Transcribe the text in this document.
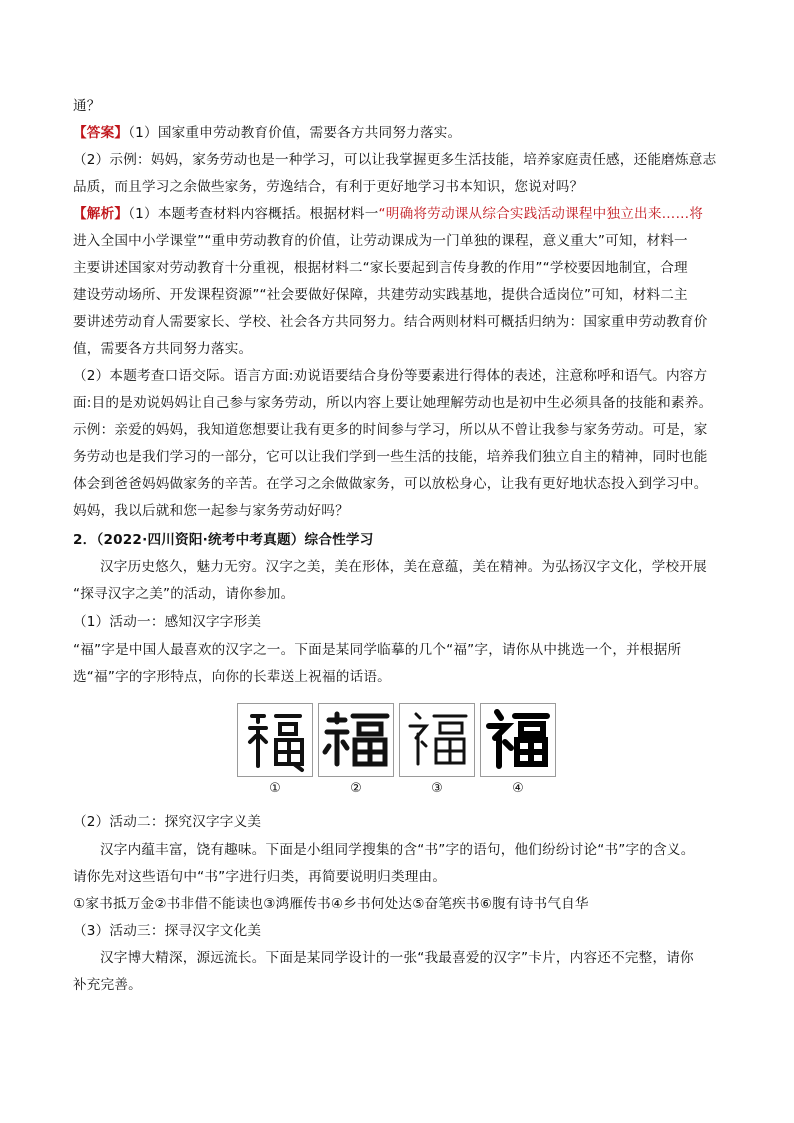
通？
【答案】（1）国家重申劳动教育价值，需要各方共同努力落实。
（2）示例：妈妈，家务劳动也是一种学习，可以让我掌握更多生活技能，培养家庭责任感，还能磨炼意志
品质，而且学习之余做些家务，劳逸结合，有利于更好地学习书本知识，您说对吗？
【解析】（1）本题考查材料内容概括。根据材料一“明确将劳动课从综合实践活动课程中独立出来……将
进入全国中小学课堂”“重申劳动教育的价值，让劳动课成为一门单独的课程，意义重大”可知，材料一
主要讲述国家对劳动教育十分重视，根据材料二“家长要起到言传身教的作用”“学校要因地制宜，合理
建设劳动场所、开发课程资源”“社会要做好保障，共建劳动实践基地，提供合适岗位”可知，材料二主
要讲述劳动育人需要家长、学校、社会各方共同努力。结合两则材料可概括归纳为：国家重申劳动教育价
值，需要各方共同努力落实。
（2）本题考查口语交际。语言方面:劝说语要结合身份等要素进行得体的表述，注意称呼和语气。内容方
面:目的是劝说妈妈让自己参与家务劳动，所以内容上要让她理解劳动也是初中生必须具备的技能和素养。
示例：亲爱的妈妈，我知道您想要让我有更多的时间参与学习，所以从不曾让我参与家务劳动。可是，家
务劳动也是我们学习的一部分，它可以让我们学到一些生活的技能，培养我们独立自主的精神，同时也能
体会到爸爸妈妈做家务的辛苦。在学习之余做做家务，可以放松身心，让我有更好地状态投入到学习中。
妈妈，我以后就和您一起参与家务劳动好吗？
2．（2022·四川资阳·统考中考真题）综合性学习
汉字历史悠久，魅力无穷。汉字之美，美在形体，美在意蕴，美在精神。为弘扬汉字文化，学校开展
“探寻汉字之美”的活动，请你参加。
（1）活动一：感知汉字字形美
“福”字是中国人最喜欢的汉字之一。下面是某同学临摹的几个“福”字，请你从中挑选一个，并根据所
选“福”字的字形特点，向你的长辈送上祝福的话语。
①	②	③	④
（2）活动二：探究汉字字义美
汉字内蕴丰富，饶有趣味。下面是小组同学搜集的含“书”字的语句，他们纷纷讨论“书”字的含义。
请你先对这些语句中“书”字进行归类，再简要说明归类理由。
①家书抵万金②书非借不能读也③鸿雁传书④乡书何处达⑤奋笔疾书⑥腹有诗书气自华
（3）活动三：探寻汉字文化美
汉字博大精深，源远流长。下面是某同学设计的一张“我最喜爱的汉字”卡片，内容还不完整，请你
补充完善。
